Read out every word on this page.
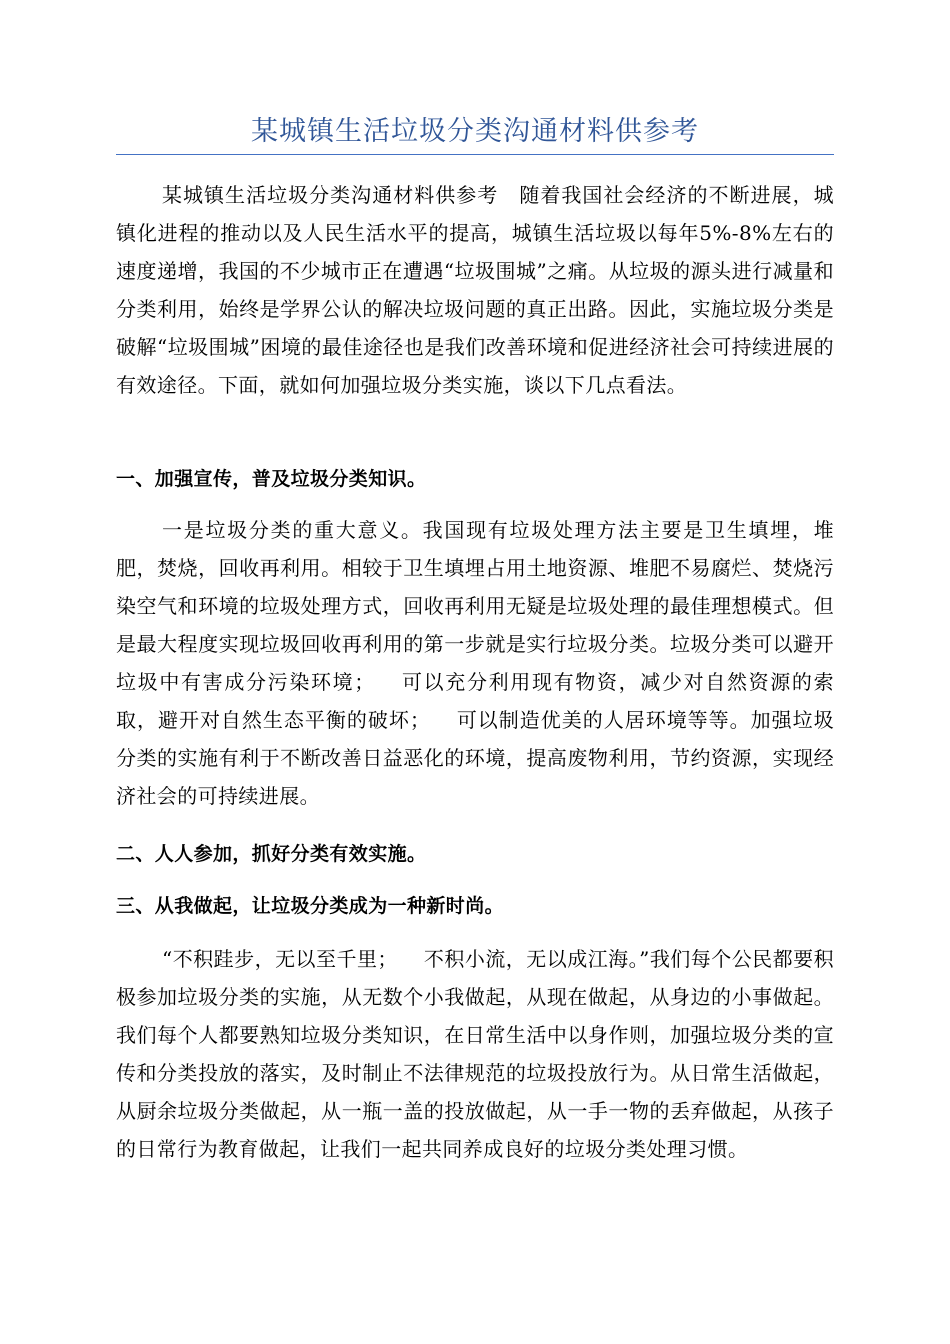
某城镇生活垃圾分类沟通材料供参考
某城镇生活垃圾分类沟通材料供参考　随着我国社会经济的不断进展，城镇化进程的推动以及人民生活水平的提高，城镇生活垃圾以每年5%-8%左右的速度递增，我国的不少城市正在遭遇“垃圾围城”之痛。从垃圾的源头进行减量和分类利用，始终是学界公认的解决垃圾问题的真正出路。因此，实施垃圾分类是破解“垃圾围城”困境的最佳途径也是我们改善环境和促进经济社会可持续进展的有效途径。下面，就如何加强垃圾分类实施，谈以下几点看法。
一、加强宣传，普及垃圾分类知识。
一是垃圾分类的重大意义。我国现有垃圾处理方法主要是卫生填埋，堆肥，焚烧，回收再利用。相较于卫生填埋占用土地资源、堆肥不易腐烂、焚烧污染空气和环境的垃圾处理方式，回收再利用无疑是垃圾处理的最佳理想模式。但是最大程度实现垃圾回收再利用的第一步就是实行垃圾分类。垃圾分类可以避开垃圾中有害成分污染环境； 可以充分利用现有物资，减少对自然资源的索取，避开对自然生态平衡的破坏； 可以制造优美的人居环境等等。加强垃圾分类的实施有利于不断改善日益恶化的环境，提高废物利用，节约资源，实现经济社会的可持续进展。
二、人人参加，抓好分类有效实施。
三、从我做起，让垃圾分类成为一种新时尚。
“不积跬步，无以至千里； 不积小流，无以成江海。”我们每个公民都要积极参加垃圾分类的实施，从无数个小我做起，从现在做起，从身边的小事做起。我们每个人都要熟知垃圾分类知识，在日常生活中以身作则，加强垃圾分类的宣传和分类投放的落实，及时制止不法律规范的垃圾投放行为。从日常生活做起，从厨余垃圾分类做起，从一瓶一盖的投放做起，从一手一物的丢弃做起，从孩子的日常行为教育做起，让我们一起共同养成良好的垃圾分类处理习惯。
